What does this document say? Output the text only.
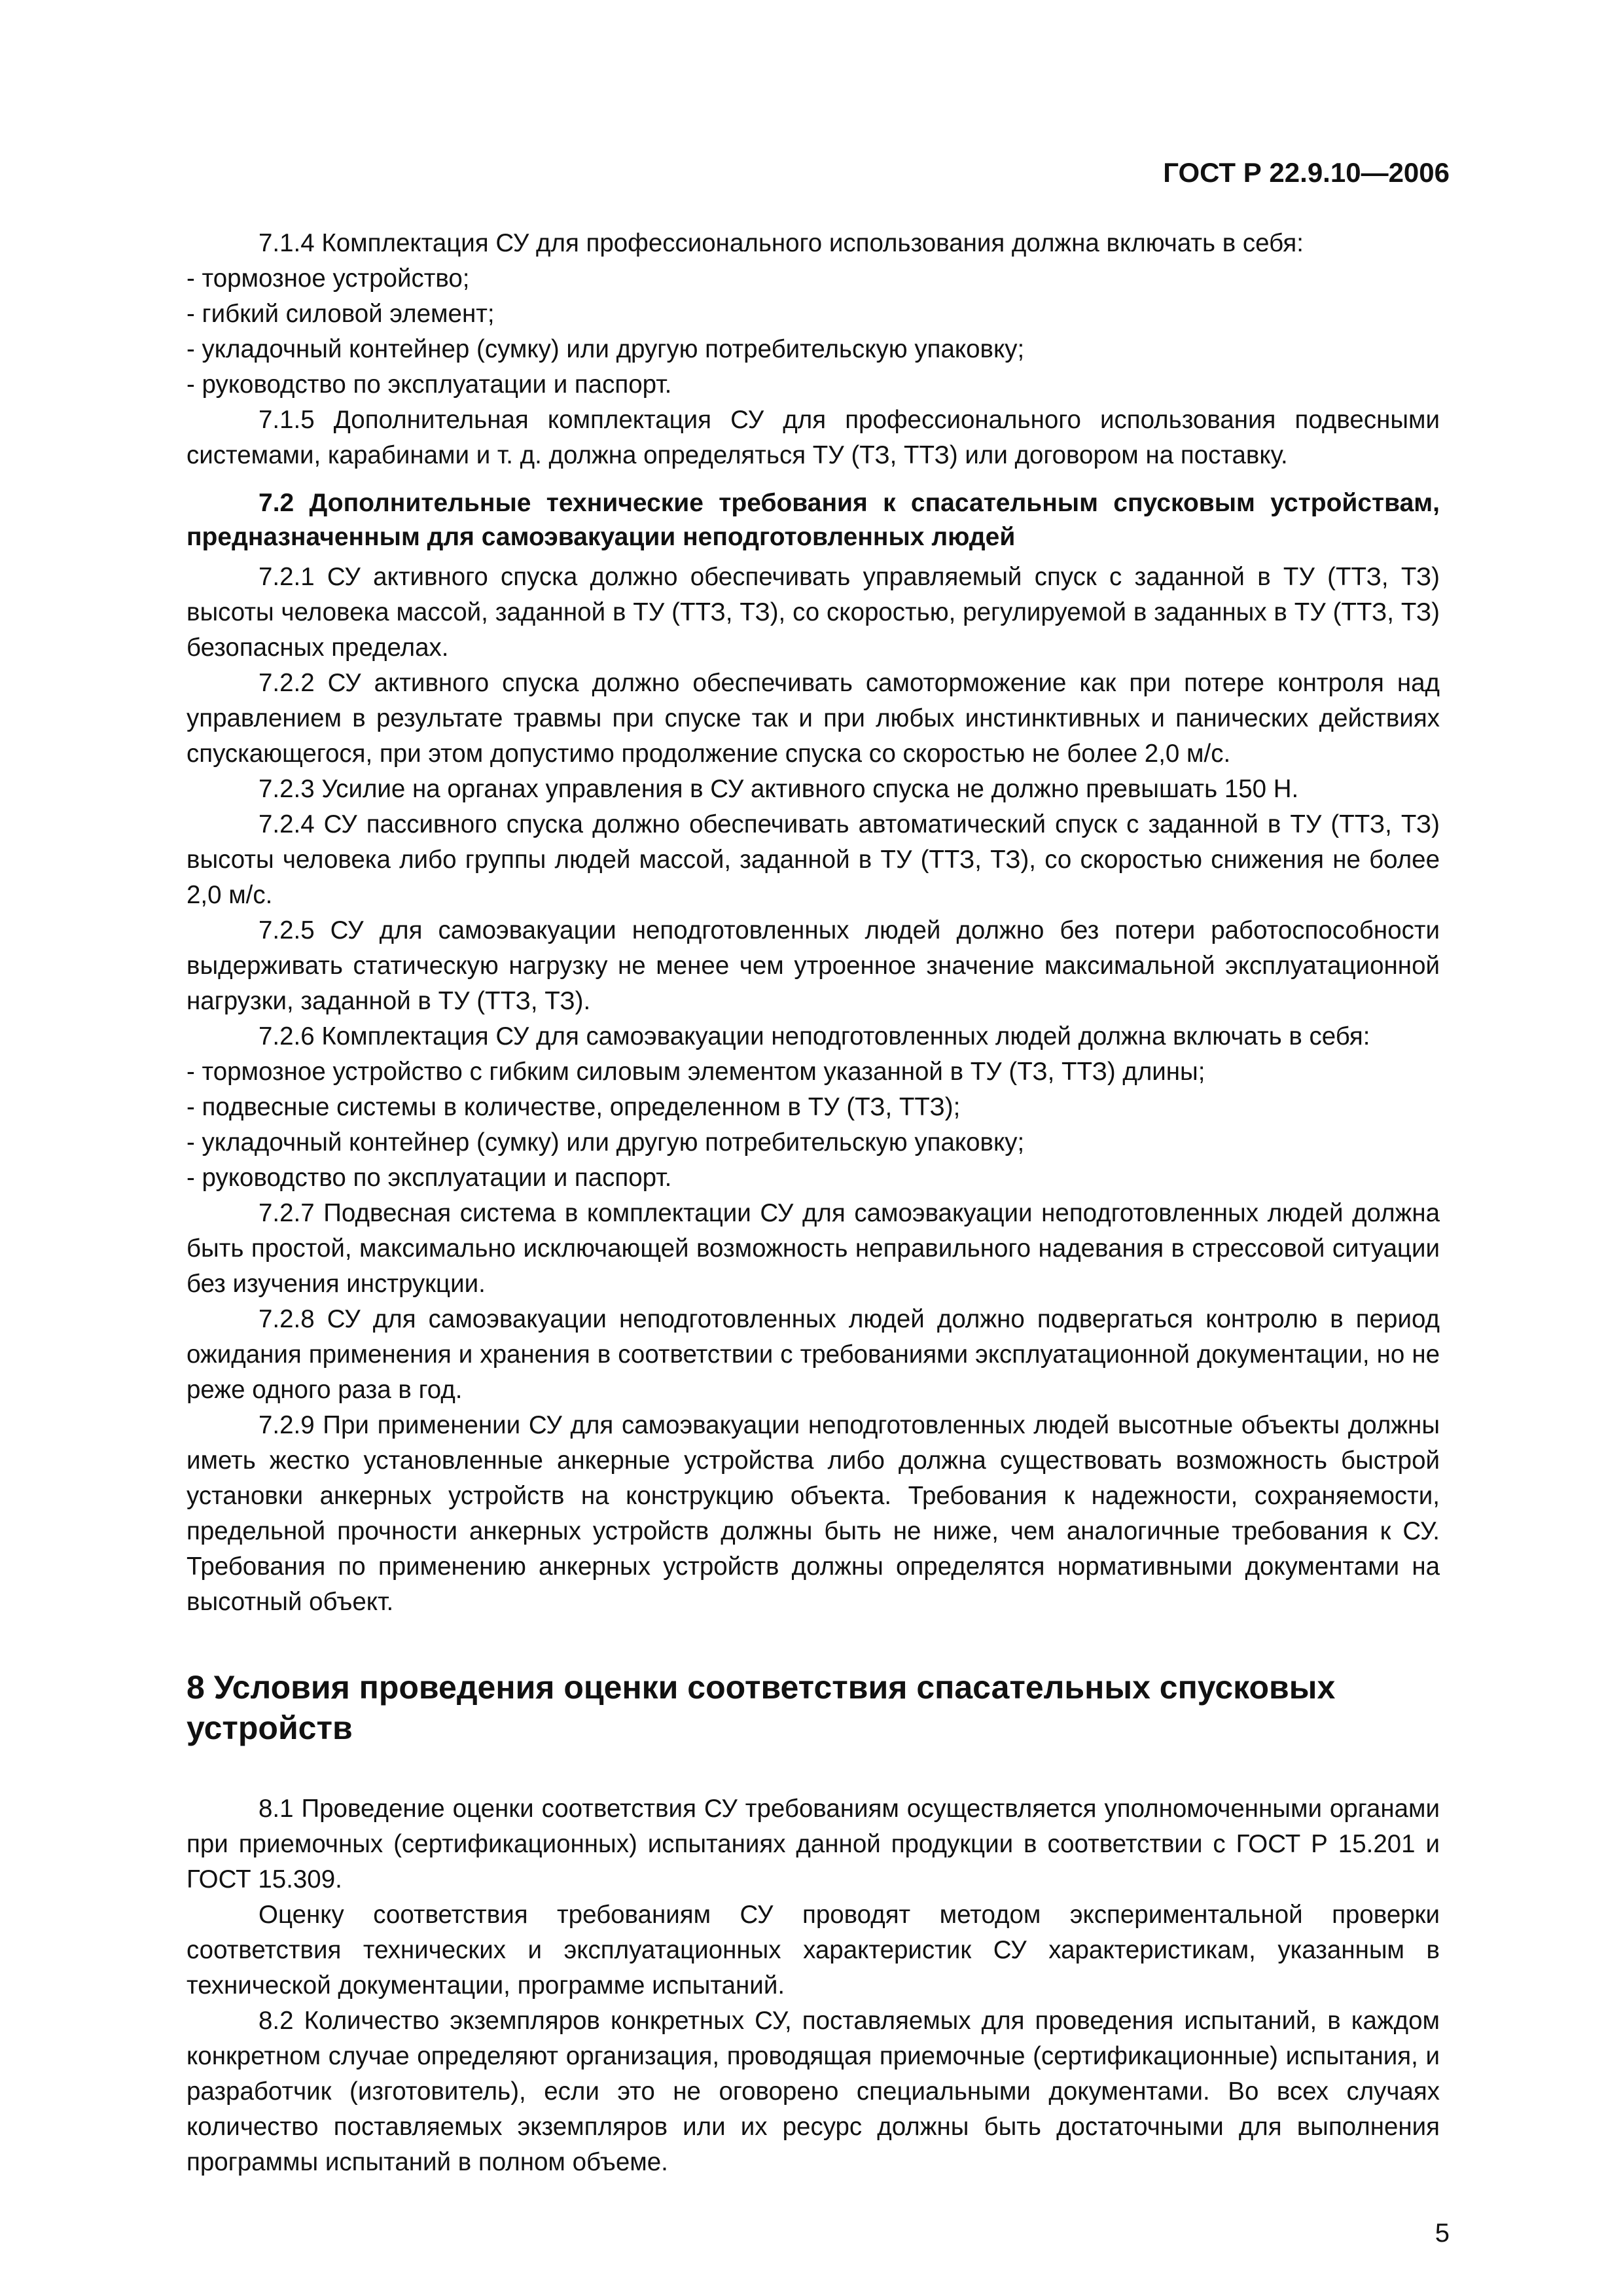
ГОСТ Р 22.9.10—2006

7.1.4 Комплектация СУ для профессионального использования должна включать в себя:

- тормозное устройство;
- гибкий силовой элемент;
- укладочный контейнер (сумку) или другую потребительскую упаковку;
- руководство по эксплуатации и паспорт.

7.1.5 Дополнительная комплектация СУ для профессионального использования подвесными системами, карабинами и т. д. должна определяться ТУ (ТЗ, ТТЗ) или договором на поставку.

7.2 Дополнительные технические требования к спасательным спусковым устройствам, предназначенным для самоэвакуации неподготовленных людей

7.2.1 СУ активного спуска должно обеспечивать управляемый спуск с заданной в ТУ (ТТЗ, ТЗ) высоты человека массой, заданной в ТУ (ТТЗ, ТЗ), со скоростью, регулируемой в заданных в ТУ (ТТЗ, ТЗ) безопасных пределах.

7.2.2 СУ активного спуска должно обеспечивать самоторможение как при потере контроля над управлением в результате травмы при спуске так и при любых инстинктивных и панических действиях спускающегося, при этом допустимо продолжение спуска со скоростью не более 2,0 м/с.

7.2.3 Усилие на органах управления в СУ активного спуска не должно превышать 150 Н.

7.2.4 СУ пассивного спуска должно обеспечивать автоматический спуск с заданной в ТУ (ТТЗ, ТЗ) высоты человека либо группы людей массой, заданной в ТУ (ТТЗ, ТЗ), со скоростью снижения не более 2,0 м/с.

7.2.5 СУ для самоэвакуации неподготовленных людей должно без потери работоспособности выдерживать статическую нагрузку не менее чем утроенное значение максимальной эксплуатационной нагрузки, заданной в ТУ (ТТЗ, ТЗ).

7.2.6 Комплектация СУ для самоэвакуации неподготовленных людей должна включать в себя:

- тормозное устройство с гибким силовым элементом указанной в ТУ (ТЗ, ТТЗ) длины;
- подвесные системы в количестве, определенном в ТУ (ТЗ, ТТЗ);
- укладочный контейнер (сумку) или другую потребительскую упаковку;
- руководство по эксплуатации и паспорт.

7.2.7 Подвесная система в комплектации СУ для самоэвакуации неподготовленных людей должна быть простой, максимально исключающей возможность неправильного надевания в стрессовой ситуации без изучения инструкции.

7.2.8 СУ для самоэвакуации неподготовленных людей должно подвергаться контролю в период ожидания применения и хранения в соответствии с требованиями эксплуатационной документации, но не реже одного раза в год.

7.2.9 При применении СУ для самоэвакуации неподготовленных людей высотные объекты должны иметь жестко установленные анкерные устройства либо должна существовать возможность быстрой установки анкерных устройств на конструкцию объекта. Требования к надежности, сохраняемости, предельной прочности анкерных устройств должны быть не ниже, чем аналогичные требования к СУ. Требования по применению анкерных устройств должны определятся нормативными документами на высотный объект.

8 Условия проведения оценки соответствия спасательных спусковых устройств

8.1 Проведение оценки соответствия СУ требованиям осуществляется уполномоченными органами при приемочных (сертификационных) испытаниях данной продукции в соответствии с ГОСТ Р 15.201 и ГОСТ 15.309.

Оценку соответствия требованиям СУ проводят методом экспериментальной проверки соответствия технических и эксплуатационных характеристик СУ характеристикам, указанным в технической документации, программе испытаний.

8.2 Количество экземпляров конкретных СУ, поставляемых для проведения испытаний, в каждом конкретном случае определяют организация, проводящая приемочные (сертификационные) испытания, и разработчик (изготовитель), если это не оговорено специальными документами. Во всех случаях количество поставляемых экземпляров или их ресурс должны быть достаточными для выполнения программы испытаний в полном объеме.

5
